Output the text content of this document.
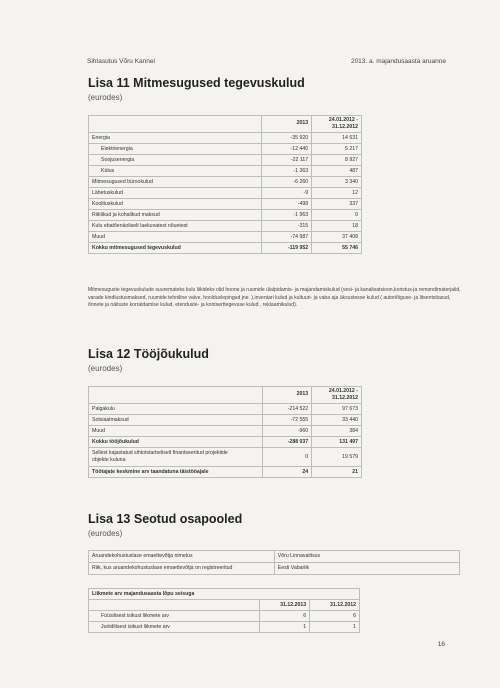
Sihtasutus Võru Kannel	2013. a. majandusaasta aruanne
Lisa 11 Mitmesugused tegevuskulud
(eurodes)
	2013	24.01.2012 -
31.12.2012
Energia	-35 920	14 631
Elektrienergia	-12 440	5 217
Soojusenergia	-22 117	8 927
Kütus	-1 363	487
Mitmesugused bürookulud	-6 260	3 340
Lähetuskulud	-9	12
Koolituskulud	-498	337
Riiklikud ja kohalikud maksud	-1 963	0
Kulu ebatõenäoliselt laekuvatest nõuetest	-315	18
Muud	-74 987	37 408
Kokku mitmesugused tegevuskulud	-119 952	55 746
Mitmesuguste tegevuskulude suuremateks kulu liikideks olid hoone ja ruumide ülalpidamis- ja majandamiskulud (vesi- ja kanalisatsioon,koristus-ja remondimaterjalid, varade kindlustusmaksed, ruumide tehniline valve, hoolduslepingud jne. ),inventari kulud ja kultuuri- ja vaba aja üksustesse kulud ( autoriõiguse- ja litsentsitasud, õnnete ja näituste korraldamise kulud, etenduste- ja kontserttegevuse kulud , reklaamikulud).
Lisa 12 Tööjõukulud
(eurodes)
	2013	24.01.2012 -
31.12.2012
Palgakulu	-214 522	97 673
Sotsiaalmaksud	-72 555	33 440
Muud	-960	384
Kokku tööjõukulud	-288 037	131 497
Sellest kajastatud sihtotstarbeliselt finantseeritud projektide
objekte kulunа	0	19 579
Töötajate keskmine arv taandatuna täistööajale	24	21
Lisa 13 Seotud osapooled
(eurodes)
Aruandekohustuslase emaettevõtja nimetus	Võru Linnavalitsus
Riik, kus aruandekohustuslase emaettevõtja on registreeritud	Eesti Vabariik
Liikmete arv majandusaasta lõpu seisuga		
	31.12.2013	31.12.2012
Füüsilisest isikust liikmete arv	6	6
Juriidilisest isikust liikmete arv	1	1
16
